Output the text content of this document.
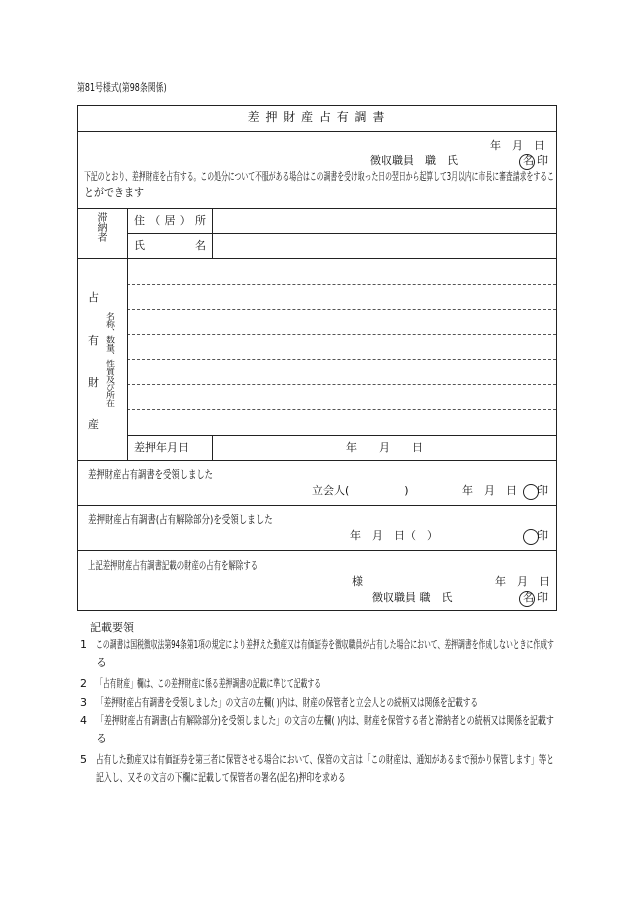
第81号様式(第98条関係)
差 押 財 産 占 有 調 書
年　月　日
徴収職員　職　氏	名 印
下記のとおり、差押財産を占有する。この処分について不服がある場合はこの調書を受け取った日の翌日から起算して3月以内に市長に審査請求をするこ
とができます
滞納者	住（居）所
氏　　名
占
有
財
産
名称、数量、性質及び所在
差押年月日	年　　月　　日
差押財産占有調書を受領しました
立会人(　　　　　)	年　月　日 印
差押財産占有調書(占有解除部分)を受領しました
年　月　日（　）	印
上記差押財産占有調書記載の財産の占有を解除する
様	年　月　日
徴収職員 職　氏	名 印
記載要領
1 この調書は国税徴収法第94条第1項の規定により差押えた動産又は有価証券を徴収職員が占有した場合において、差押調書を作成しないときに作成す
る
2 「占有財産」欄は、この差押財産に係る差押調書の記載に準じて記載する
3 「差押財産占有調書を受領しました」の文言の左欄( )内は、財産の保管者と立会人との続柄又は関係を記載する
4 「差押財産占有調書(占有解除部分)を受領しました」の文言の左欄( )内は、財産を保管する者と滞納者との続柄又は関係を記載す
る
5 占有した動産又は有価証券を第三者に保管させる場合において、保管の文言は「この財産は、通知があるまで預かり保管します」等と
記入し、又その文言の下欄に記載して保管者の署名(記名)押印を求める
